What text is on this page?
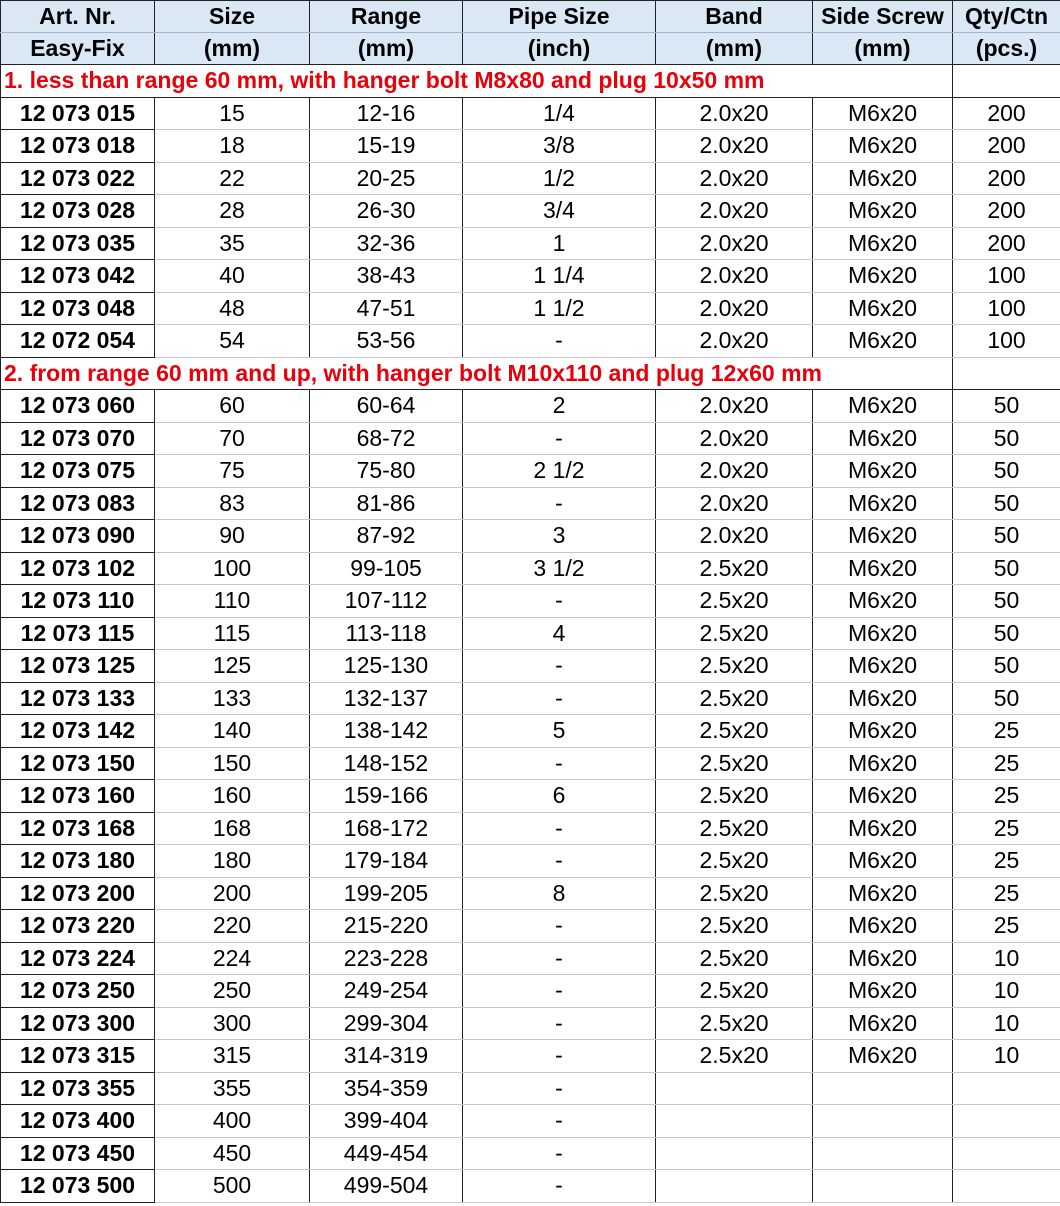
Art. Nr.	Size	Range	Pipe Size	Band	Side Screw	Qty/Ctn
Easy-Fix	(mm)	(mm)	(inch)	(mm)	(mm)	(pcs.)
1. less than range 60 mm, with hanger bolt M8x80 and plug 10x50 mm						
12 073 015	15	12-16	1/4	2.0x20	M6x20	200
12 073 018	18	15-19	3/8	2.0x20	M6x20	200
12 073 022	22	20-25	1/2	2.0x20	M6x20	200
12 073 028	28	26-30	3/4	2.0x20	M6x20	200
12 073 035	35	32-36	1	2.0x20	M6x20	200
12 073 042	40	38-43	1 1/4	2.0x20	M6x20	100
12 073 048	48	47-51	1 1/2	2.0x20	M6x20	100
12 072 054	54	53-56	-	2.0x20	M6x20	100
2. from range 60 mm and up, with hanger bolt M10x110 and plug 12x60 mm						
12 073 060	60	60-64	2	2.0x20	M6x20	50
12 073 070	70	68-72	-	2.0x20	M6x20	50
12 073 075	75	75-80	2 1/2	2.0x20	M6x20	50
12 073 083	83	81-86	-	2.0x20	M6x20	50
12 073 090	90	87-92	3	2.0x20	M6x20	50
12 073 102	100	99-105	3 1/2	2.5x20	M6x20	50
12 073 110	110	107-112	-	2.5x20	M6x20	50
12 073 115	115	113-118	4	2.5x20	M6x20	50
12 073 125	125	125-130	-	2.5x20	M6x20	50
12 073 133	133	132-137	-	2.5x20	M6x20	50
12 073 142	140	138-142	5	2.5x20	M6x20	25
12 073 150	150	148-152	-	2.5x20	M6x20	25
12 073 160	160	159-166	6	2.5x20	M6x20	25
12 073 168	168	168-172	-	2.5x20	M6x20	25
12 073 180	180	179-184	-	2.5x20	M6x20	25
12 073 200	200	199-205	8	2.5x20	M6x20	25
12 073 220	220	215-220	-	2.5x20	M6x20	25
12 073 224	224	223-228	-	2.5x20	M6x20	10
12 073 250	250	249-254	-	2.5x20	M6x20	10
12 073 300	300	299-304	-	2.5x20	M6x20	10
12 073 315	315	314-319	-	2.5x20	M6x20	10
12 073 355	355	354-359	-			
12 073 400	400	399-404	-			
12 073 450	450	449-454	-			
12 073 500	500	499-504	-			
